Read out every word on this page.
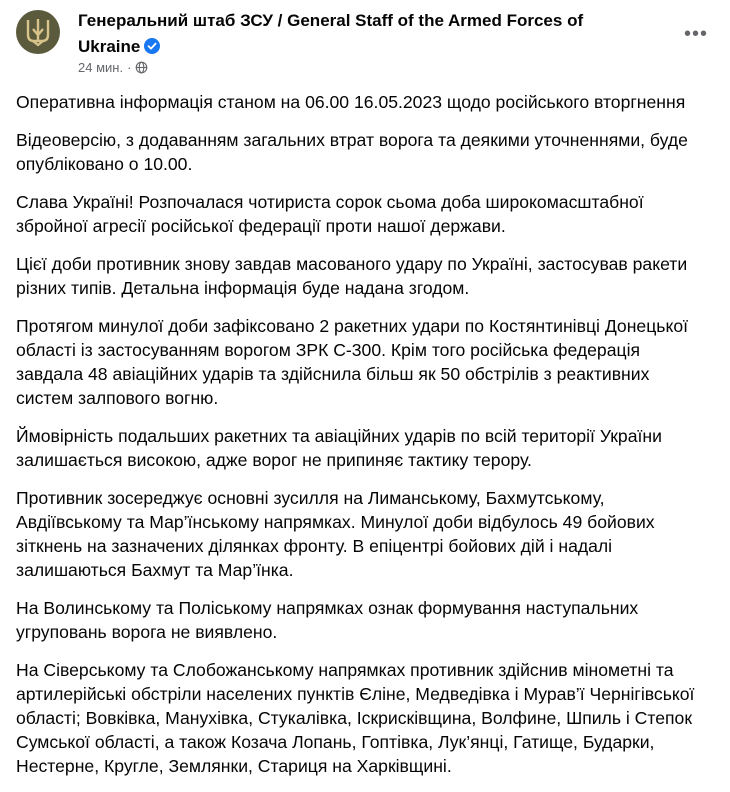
Генеральний штаб ЗСУ / General Staff of the Armed Forces of Ukraine
24 мин. ·
•••

Оперативна інформація станом на 06.00 16.05.2023 щодо російського вторгнення

Відеоверсію, з додаванням загальних втрат ворога та деякими уточненнями, буде опубліковано о 10.00.

Слава Україні! Розпочалася чотириста сорок сьома доба широкомасштабної збройної агресії російської федерації проти нашої держави.

Цієї доби противник знову завдав масованого удару по Україні, застосував ракети різних типів. Детальна інформація буде надана згодом.

Протягом минулої доби зафіксовано 2 ракетних удари по Костянтинівці Донецької області із застосуванням ворогом ЗРК С-300. Крім того російська федерація завдала 48 авіаційних ударів та здійснила більш як 50 обстрілів з реактивних систем залпового вогню.

Ймовірність подальших ракетних та авіаційних ударів по всій території України залишається високою, адже ворог не припиняє тактику терору.

Противник зосереджує основні зусилля на Лиманському, Бахмутському, Авдіївському та Мар’їнському напрямках. Минулої доби відбулось 49 бойових зіткнень на зазначених ділянках фронту. В епіцентрі бойових дій і надалі залишаються Бахмут та Мар’їнка.

На Волинському та Поліському напрямках ознак формування наступальних угруповань ворога не виявлено.

На Сіверському та Слобожанському напрямках противник здійснив мінометні та артилерійські обстріли населених пунктів Єліне, Медведівка і Мурав’ї Чернігівської області; Вовківка, Манухівка, Стукалівка, Іскрисківщина, Волфине, Шпиль і Степок Сумської області, а також Козача Лопань, Гоптівка, Лук’янці, Гатище, Бударки, Нестерне, Кругле, Землянки, Стариця на Харківщині.
